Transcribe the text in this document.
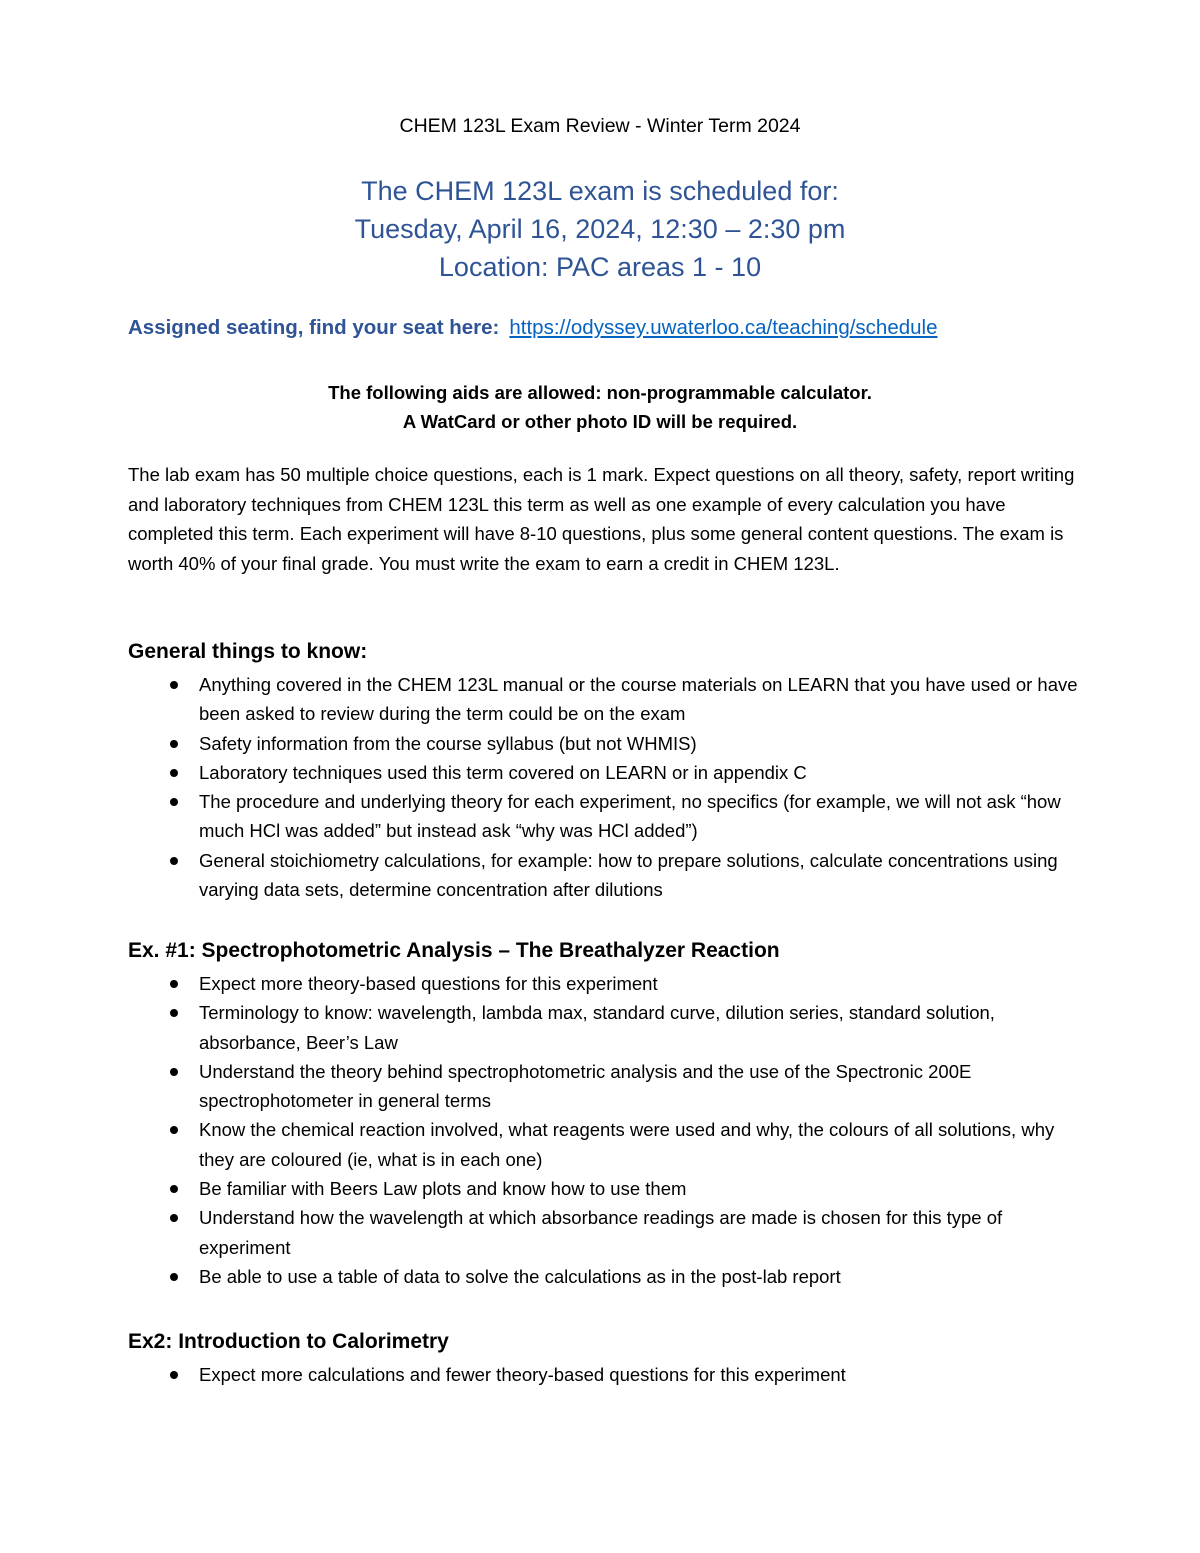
CHEM 123L Exam Review - Winter Term 2024
The CHEM 123L exam is scheduled for:
Tuesday, April 16, 2024, 12:30 – 2:30 pm
Location: PAC areas 1 - 10
Assigned seating, find your seat here: https://odyssey.uwaterloo.ca/teaching/schedule
The following aids are allowed: non-programmable calculator.
A WatCard or other photo ID will be required.
The lab exam has 50 multiple choice questions, each is 1 mark. Expect questions on all theory, safety, report writing and laboratory techniques from CHEM 123L this term as well as one example of every calculation you have completed this term. Each experiment will have 8-10 questions, plus some general content questions. The exam is worth 40% of your final grade. You must write the exam to earn a credit in CHEM 123L.
General things to know:
Anything covered in the CHEM 123L manual or the course materials on LEARN that you have used or have been asked to review during the term could be on the exam
Safety information from the course syllabus (but not WHMIS)
Laboratory techniques used this term covered on LEARN or in appendix C
The procedure and underlying theory for each experiment, no specifics (for example, we will not ask “how much HCl was added” but instead ask “why was HCl added”)
General stoichiometry calculations, for example: how to prepare solutions, calculate concentrations using varying data sets, determine concentration after dilutions
Ex. #1: Spectrophotometric Analysis – The Breathalyzer Reaction
Expect more theory-based questions for this experiment
Terminology to know: wavelength, lambda max, standard curve, dilution series, standard solution, absorbance, Beer’s Law
Understand the theory behind spectrophotometric analysis and the use of the Spectronic 200E spectrophotometer in general terms
Know the chemical reaction involved, what reagents were used and why, the colours of all solutions, why they are coloured (ie, what is in each one)
Be familiar with Beers Law plots and know how to use them
Understand how the wavelength at which absorbance readings are made is chosen for this type of experiment
Be able to use a table of data to solve the calculations as in the post-lab report
Ex2: Introduction to Calorimetry
Expect more calculations and fewer theory-based questions for this experiment
